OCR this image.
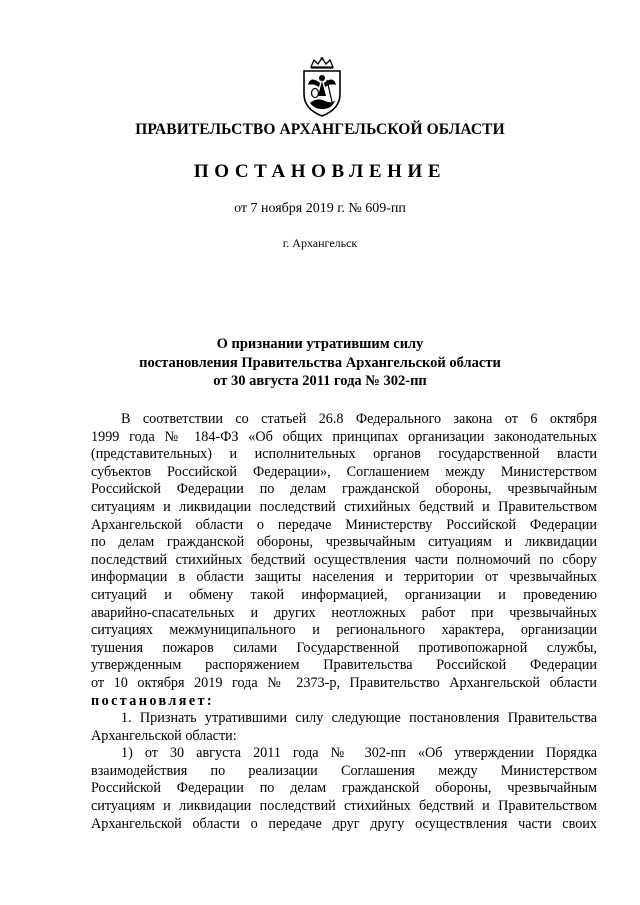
ПРАВИТЕЛЬСТВО АРХАНГЕЛЬСКОЙ ОБЛАСТИ
ПОСТАНОВЛЕНИЕ
от 7 ноября 2019 г. № 609-пп
г. Архангельск
О признании утратившим силу
постановления Правительства Архангельской области
от 30 августа 2011 года № 302-пп
В соответствии со статьей 26.8 Федерального закона от 6 октября
1999 года № 184-ФЗ «Об общих принципах организации законодательных
(представительных) и исполнительных органов государственной власти
субъектов Российской Федерации», Соглашением между Министерством
Российской Федерации по делам гражданской обороны, чрезвычайным
ситуациям и ликвидации последствий стихийных бедствий и Правительством
Архангельской области о передаче Министерству Российской Федерации
по делам гражданской обороны, чрезвычайным ситуациям и ликвидации
последствий стихийных бедствий осуществления части полномочий по сбору
информации в области защиты населения и территории от чрезвычайных
ситуаций и обмену такой информацией, организации и проведению
аварийно-спасательных и других неотложных работ при чрезвычайных
ситуациях межмуниципального и регионального характера, организации
тушения пожаров силами Государственной противопожарной службы,
утвержденным распоряжением Правительства Российской Федерации
от 10 октября 2019 года № 2373-р, Правительство Архангельской области
постановляет:
1. Признать утратившими силу следующие постановления Правительства
Архангельской области:
1) от 30 августа 2011 года № 302-пп «Об утверждении Порядка
взаимодействия по реализации Соглашения между Министерством
Российской Федерации по делам гражданской обороны, чрезвычайным
ситуациям и ликвидации последствий стихийных бедствий и Правительством
Архангельской области о передаче друг другу осуществления части своих
